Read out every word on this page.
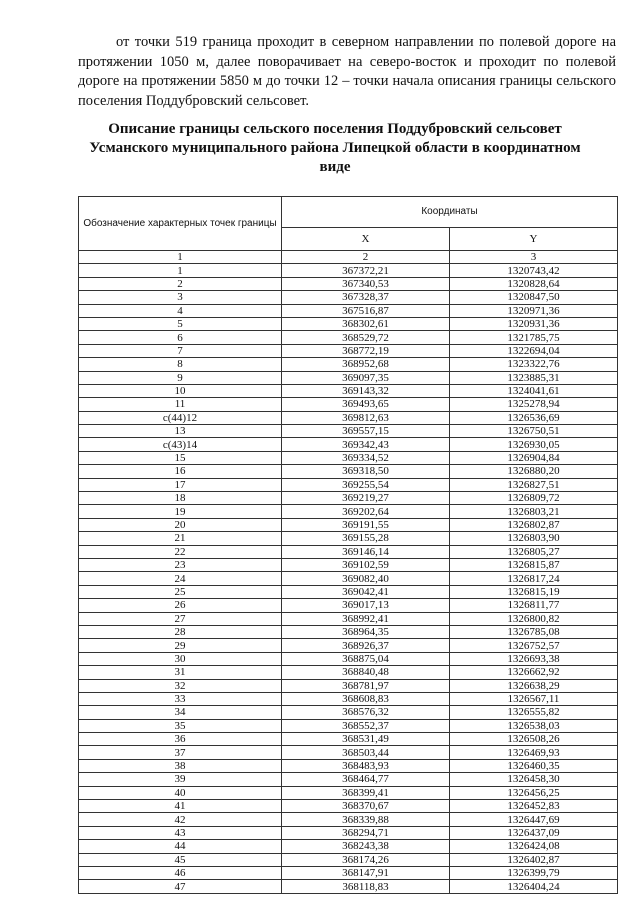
от точки 519 граница проходит в северном направлении по полевой дороге на протяжении 1050 м, далее поворачивает на северо-восток и проходит по полевой дороге на протяжении 5850 м до точки 12 – точки начала описания границы сельского поселения Поддубровский сельсовет.

Описание границы сельского поселения Поддубровский сельсовет
Усманского муниципального района Липецкой области в координатном
виде
Обозначение характерных точек границы	Координаты	
	X	Y
1	2	3
1	367372,21	1320743,42
2	367340,53	1320828,64
3	367328,37	1320847,50
4	367516,87	1320971,36
5	368302,61	1320931,36
6	368529,72	1321785,75
7	368772,19	1322694,04
8	368952,68	1323322,76
9	369097,35	1323885,31
10	369143,32	1324041,61
11	369493,65	1325278,94
c(44)12	369812,63	1326536,69
13	369557,15	1326750,51
c(43)14	369342,43	1326930,05
15	369334,52	1326904,84
16	369318,50	1326880,20
17	369255,54	1326827,51
18	369219,27	1326809,72
19	369202,64	1326803,21
20	369191,55	1326802,87
21	369155,28	1326803,90
22	369146,14	1326805,27
23	369102,59	1326815,87
24	369082,40	1326817,24
25	369042,41	1326815,19
26	369017,13	1326811,77
27	368992,41	1326800,82
28	368964,35	1326785,08
29	368926,37	1326752,57
30	368875,04	1326693,38
31	368840,48	1326662,92
32	368781,97	1326638,29
33	368608,83	1326567,11
34	368576,32	1326555,82
35	368552,37	1326538,03
36	368531,49	1326508,26
37	368503,44	1326469,93
38	368483,93	1326460,35
39	368464,77	1326458,30
40	368399,41	1326456,25
41	368370,67	1326452,83
42	368339,88	1326447,69
43	368294,71	1326437,09
44	368243,38	1326424,08
45	368174,26	1326402,87
46	368147,91	1326399,79
47	368118,83	1326404,24
